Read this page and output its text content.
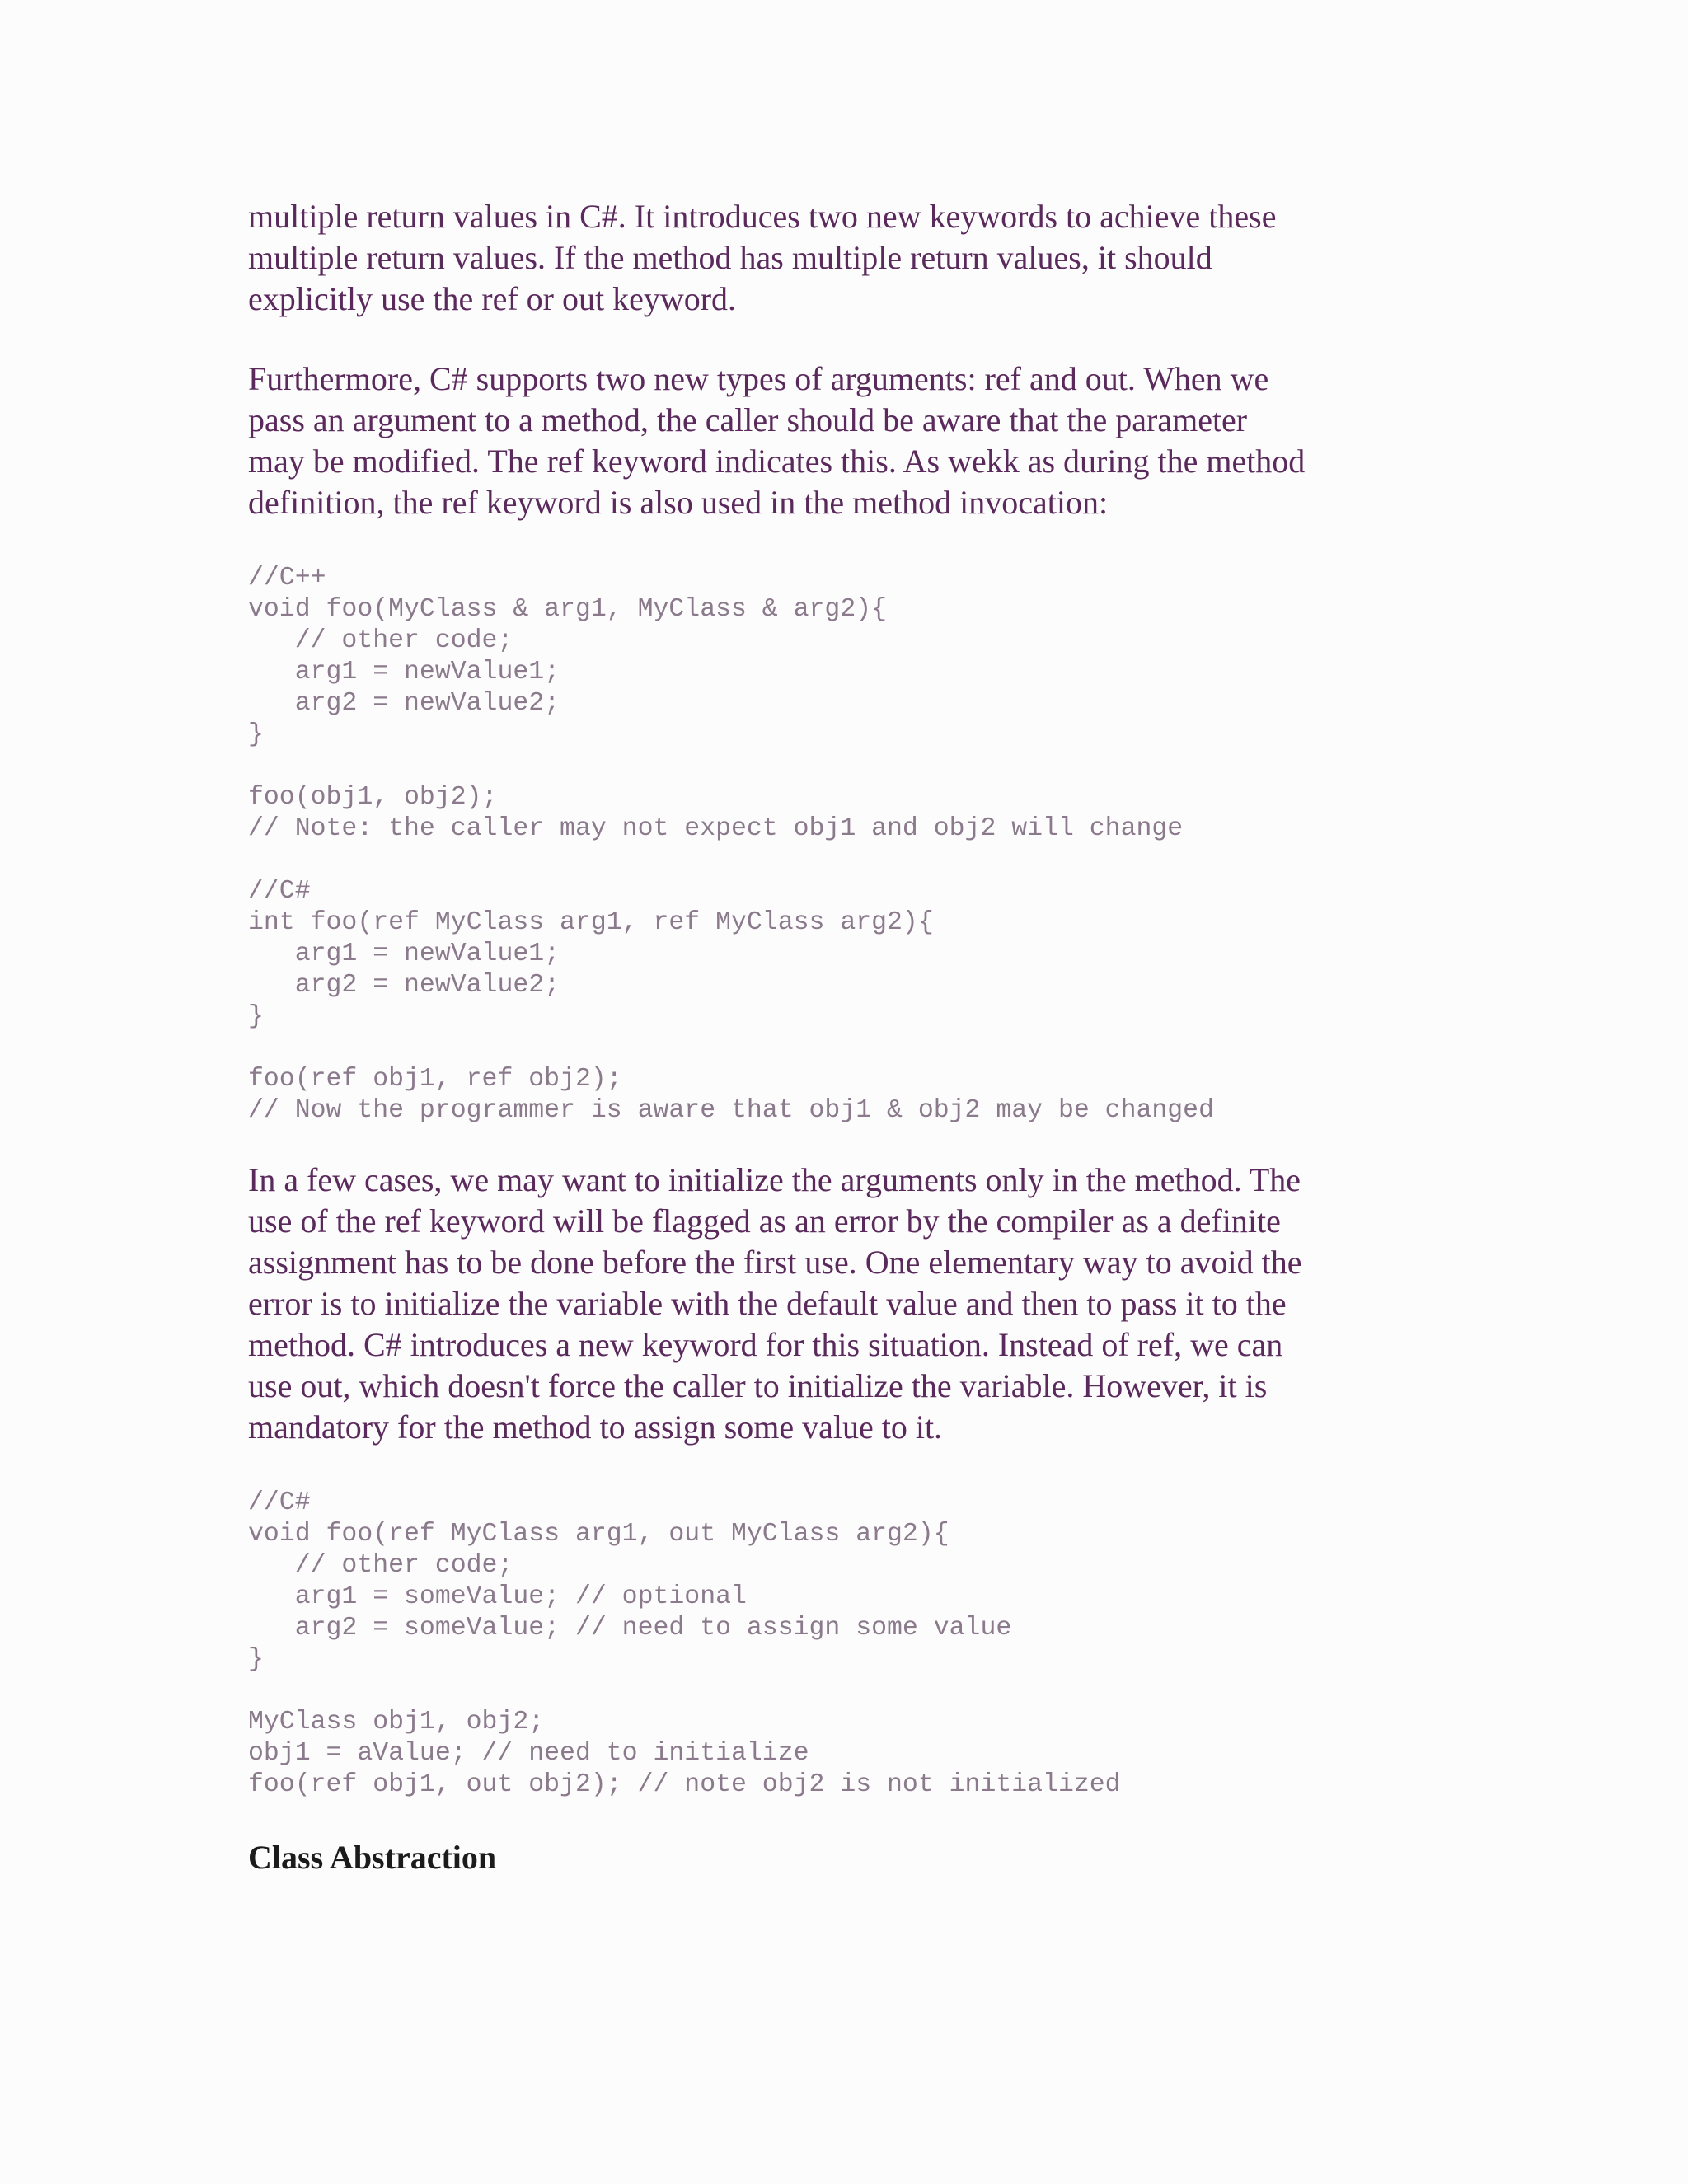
multiple return values in C#. It introduces two new keywords to achieve these
multiple return values. If the method has multiple return values, it should
explicitly use the ref or out keyword.

Furthermore, C# supports two new types of arguments: ref and out. When we
pass an argument to a method, the caller should be aware that the parameter
may be modified. The ref keyword indicates this. As wekk as during the method
definition, the ref keyword is also used in the method invocation:

//C++
void foo(MyClass & arg1, MyClass & arg2){
// other code;
arg1 = newValue1;
arg2 = newValue2;
}
foo(obj1, obj2);
// Note: the caller may not expect obj1 and obj2 will change
//C#
int foo(ref MyClass arg1, ref MyClass arg2){
arg1 = newValue1;
arg2 = newValue2;
}
foo(ref obj1, ref obj2);
// Now the programmer is aware that obj1 & obj2 may be changed

In a few cases, we may want to initialize the arguments only in the method. The
use of the ref keyword will be flagged as an error by the compiler as a definite
assignment has to be done before the first use. One elementary way to avoid the
error is to initialize the variable with the default value and then to pass it to the
method. C# introduces a new keyword for this situation. Instead of ref, we can
use out, which doesn't force the caller to initialize the variable. However, it is
mandatory for the method to assign some value to it.

//C#
void foo(ref MyClass arg1, out MyClass arg2){
// other code;
arg1 = someValue; // optional
arg2 = someValue; // need to assign some value
}
MyClass obj1, obj2;
obj1 = aValue; // need to initialize
foo(ref obj1, out obj2); // note obj2 is not initialized
Class Abstraction
